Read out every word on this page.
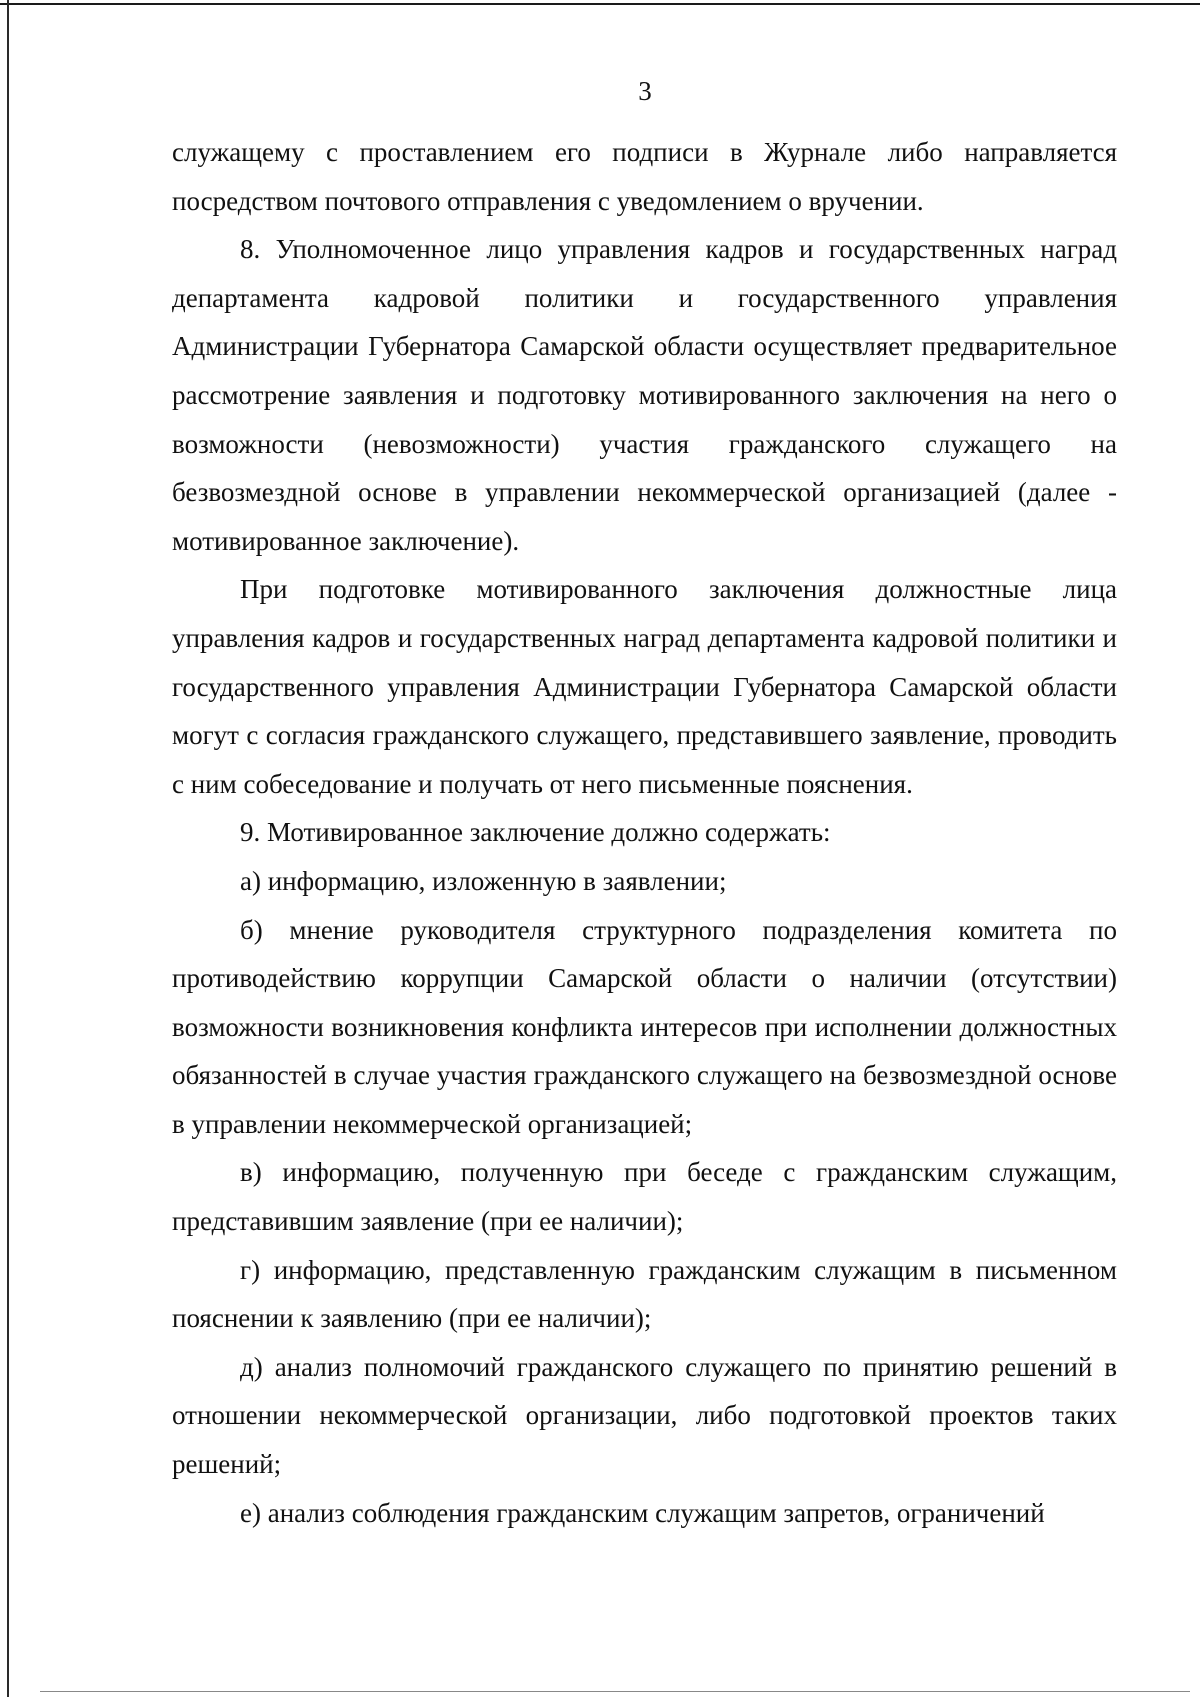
3

служащему с проставлением его подписи в Журнале либо направляется посредством почтового отправления с уведомлением о вручении.

8. Уполномоченное лицо управления кадров и государственных наград департамента кадровой политики и государственного управления Администрации Губернатора Самарской области осуществляет предварительное рассмотрение заявления и подготовку мотивированного заключения на него о возможности (невозможности) участия гражданского служащего на безвозмездной основе в управлении некоммерческой организацией (далее - мотивированное заключение).

При подготовке мотивированного заключения должностные лица управления кадров и государственных наград департамента кадровой политики и государственного управления Администрации Губернатора Самарской области могут с согласия гражданского служащего, представившего заявление, проводить с ним собеседование и получать от него письменные пояснения.

9. Мотивированное заключение должно содержать:

а) информацию, изложенную в заявлении;

б) мнение руководителя структурного подразделения комитета по противодействию коррупции Самарской области о наличии (отсутствии) возможности возникновения конфликта интересов при исполнении должностных обязанностей в случае участия гражданского служащего на безвозмездной основе в управлении некоммерческой организацией;

в) информацию, полученную при беседе с гражданским служащим, представившим заявление (при ее наличии);

г) информацию, представленную гражданским служащим в письменном пояснении к заявлению (при ее наличии);

д) анализ полномочий гражданского служащего по принятию решений в отношении некоммерческой организации, либо подготовкой проектов таких решений;

е) анализ соблюдения гражданским служащим запретов, ограничений
